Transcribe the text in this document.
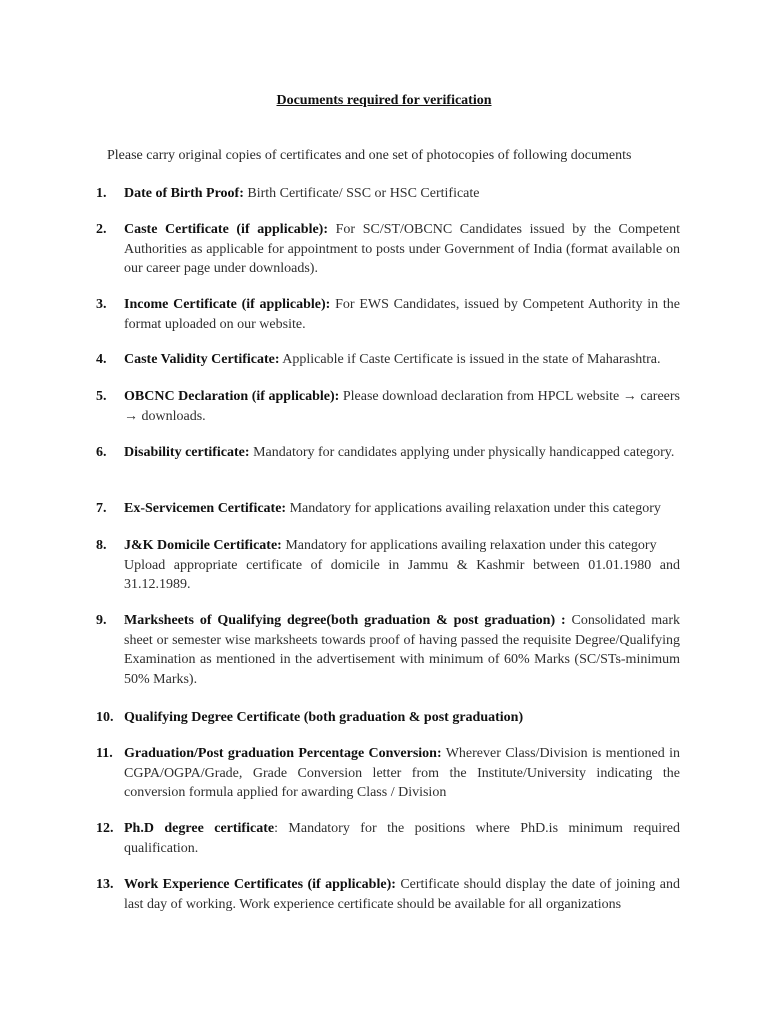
Documents required for verification
Please carry original copies of certificates and one set of photocopies of following documents
1.	Date of Birth Proof: Birth Certificate/ SSC or HSC Certificate
2.	Caste Certificate (if applicable): For SC/ST/OBCNC Candidates issued by the Competent Authorities as applicable for appointment to posts under Government of India (format available on our career page under downloads).
3.	Income Certificate (if applicable): For EWS Candidates, issued by Competent Authority in the format uploaded on our website.
4.	Caste Validity Certificate: Applicable if Caste Certificate is issued in the state of Maharashtra.
5.	OBCNC Declaration (if applicable): Please download declaration from HPCL website → careers → downloads.
6.	Disability certificate: Mandatory for candidates applying under physically handicapped category.
7.	Ex-Servicemen Certificate: Mandatory for applications availing relaxation under this category
8.	J&K Domicile Certificate: Mandatory for applications availing relaxation under this category
Upload appropriate certificate of domicile in Jammu & Kashmir between 01.01.1980 and 31.12.1989.
9.	Marksheets of Qualifying degree(both graduation & post graduation) : Consolidated mark sheet or semester wise marksheets towards proof of having passed the requisite Degree/Qualifying Examination as mentioned in the advertisement with minimum of 60% Marks (SC/STs-minimum 50% Marks).
10. Qualifying Degree Certificate (both graduation & post graduation)
11. Graduation/Post graduation Percentage Conversion: Wherever Class/Division is mentioned in CGPA/OGPA/Grade, Grade Conversion letter from the Institute/University indicating the conversion formula applied for awarding Class / Division
12. Ph.D degree certificate: Mandatory for the positions where PhD.is minimum required qualification.
13. Work Experience Certificates (if applicable): Certificate should display the date of joining and last day of working. Work experience certificate should be available for all organizations
